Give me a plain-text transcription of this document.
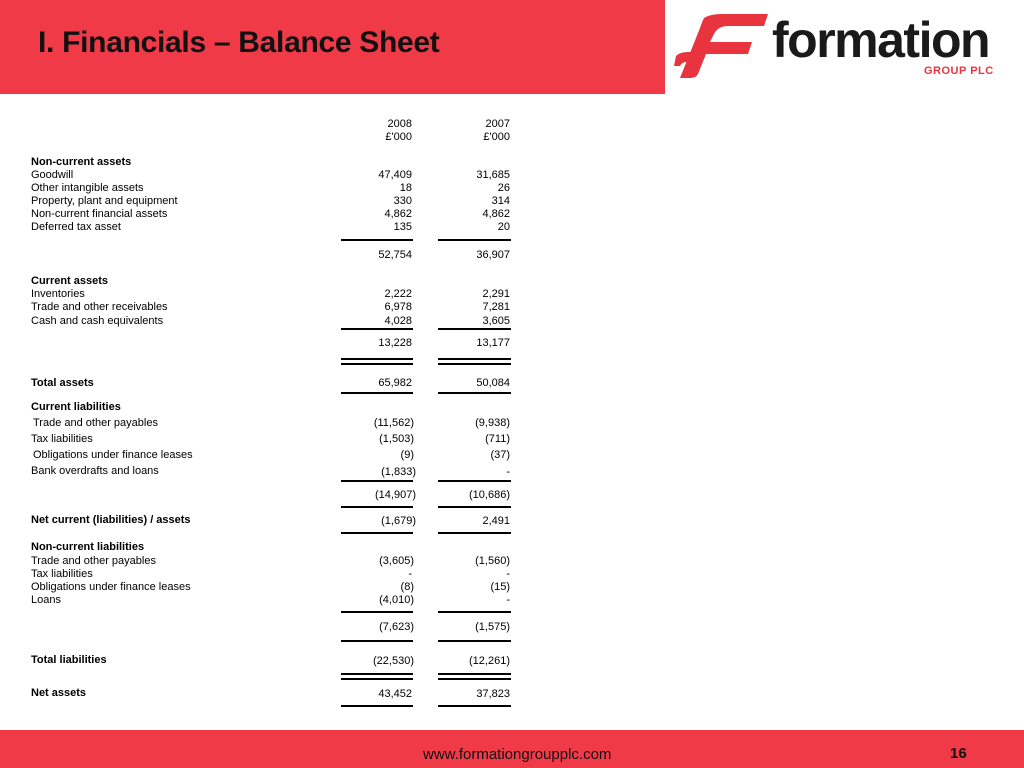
I. Financials – Balance Sheet	formation
GROUP PLC
2008	2007
£'000	£'000
Non-current assets
Goodwill	47,409	31,685
Other intangible assets	18	26
Property, plant and equipment	330	314
Non-current financial assets	4,862	4,862
Deferred tax asset	135	20
52,754	36,907
Current assets
Inventories	2,222	2,291
Trade and other receivables	6,978	7,281
Cash and cash equivalents	4,028	3,605
13,228	13,177
Total assets	65,982	50,084
Current liabilities
Trade and other payables	(11,562)	(9,938)
Tax liabilities	(1,503)	(711)
Obligations under finance leases	(9)	(37)
Bank overdrafts and loans	(1,833)	-
(14,907)	(10,686)
Net current (liabilities) / assets	(1,679)	2,491
Non-current liabilities
Trade and other payables	(3,605)	(1,560)
Tax liabilities	-	-
Obligations under finance leases	(8)	(15)
Loans	(4,010)	-
(7,623)	(1,575)
Total liabilities	(22,530)	(12,261)
Net assets	43,452	37,823
www.formationgroupplc.com	16
